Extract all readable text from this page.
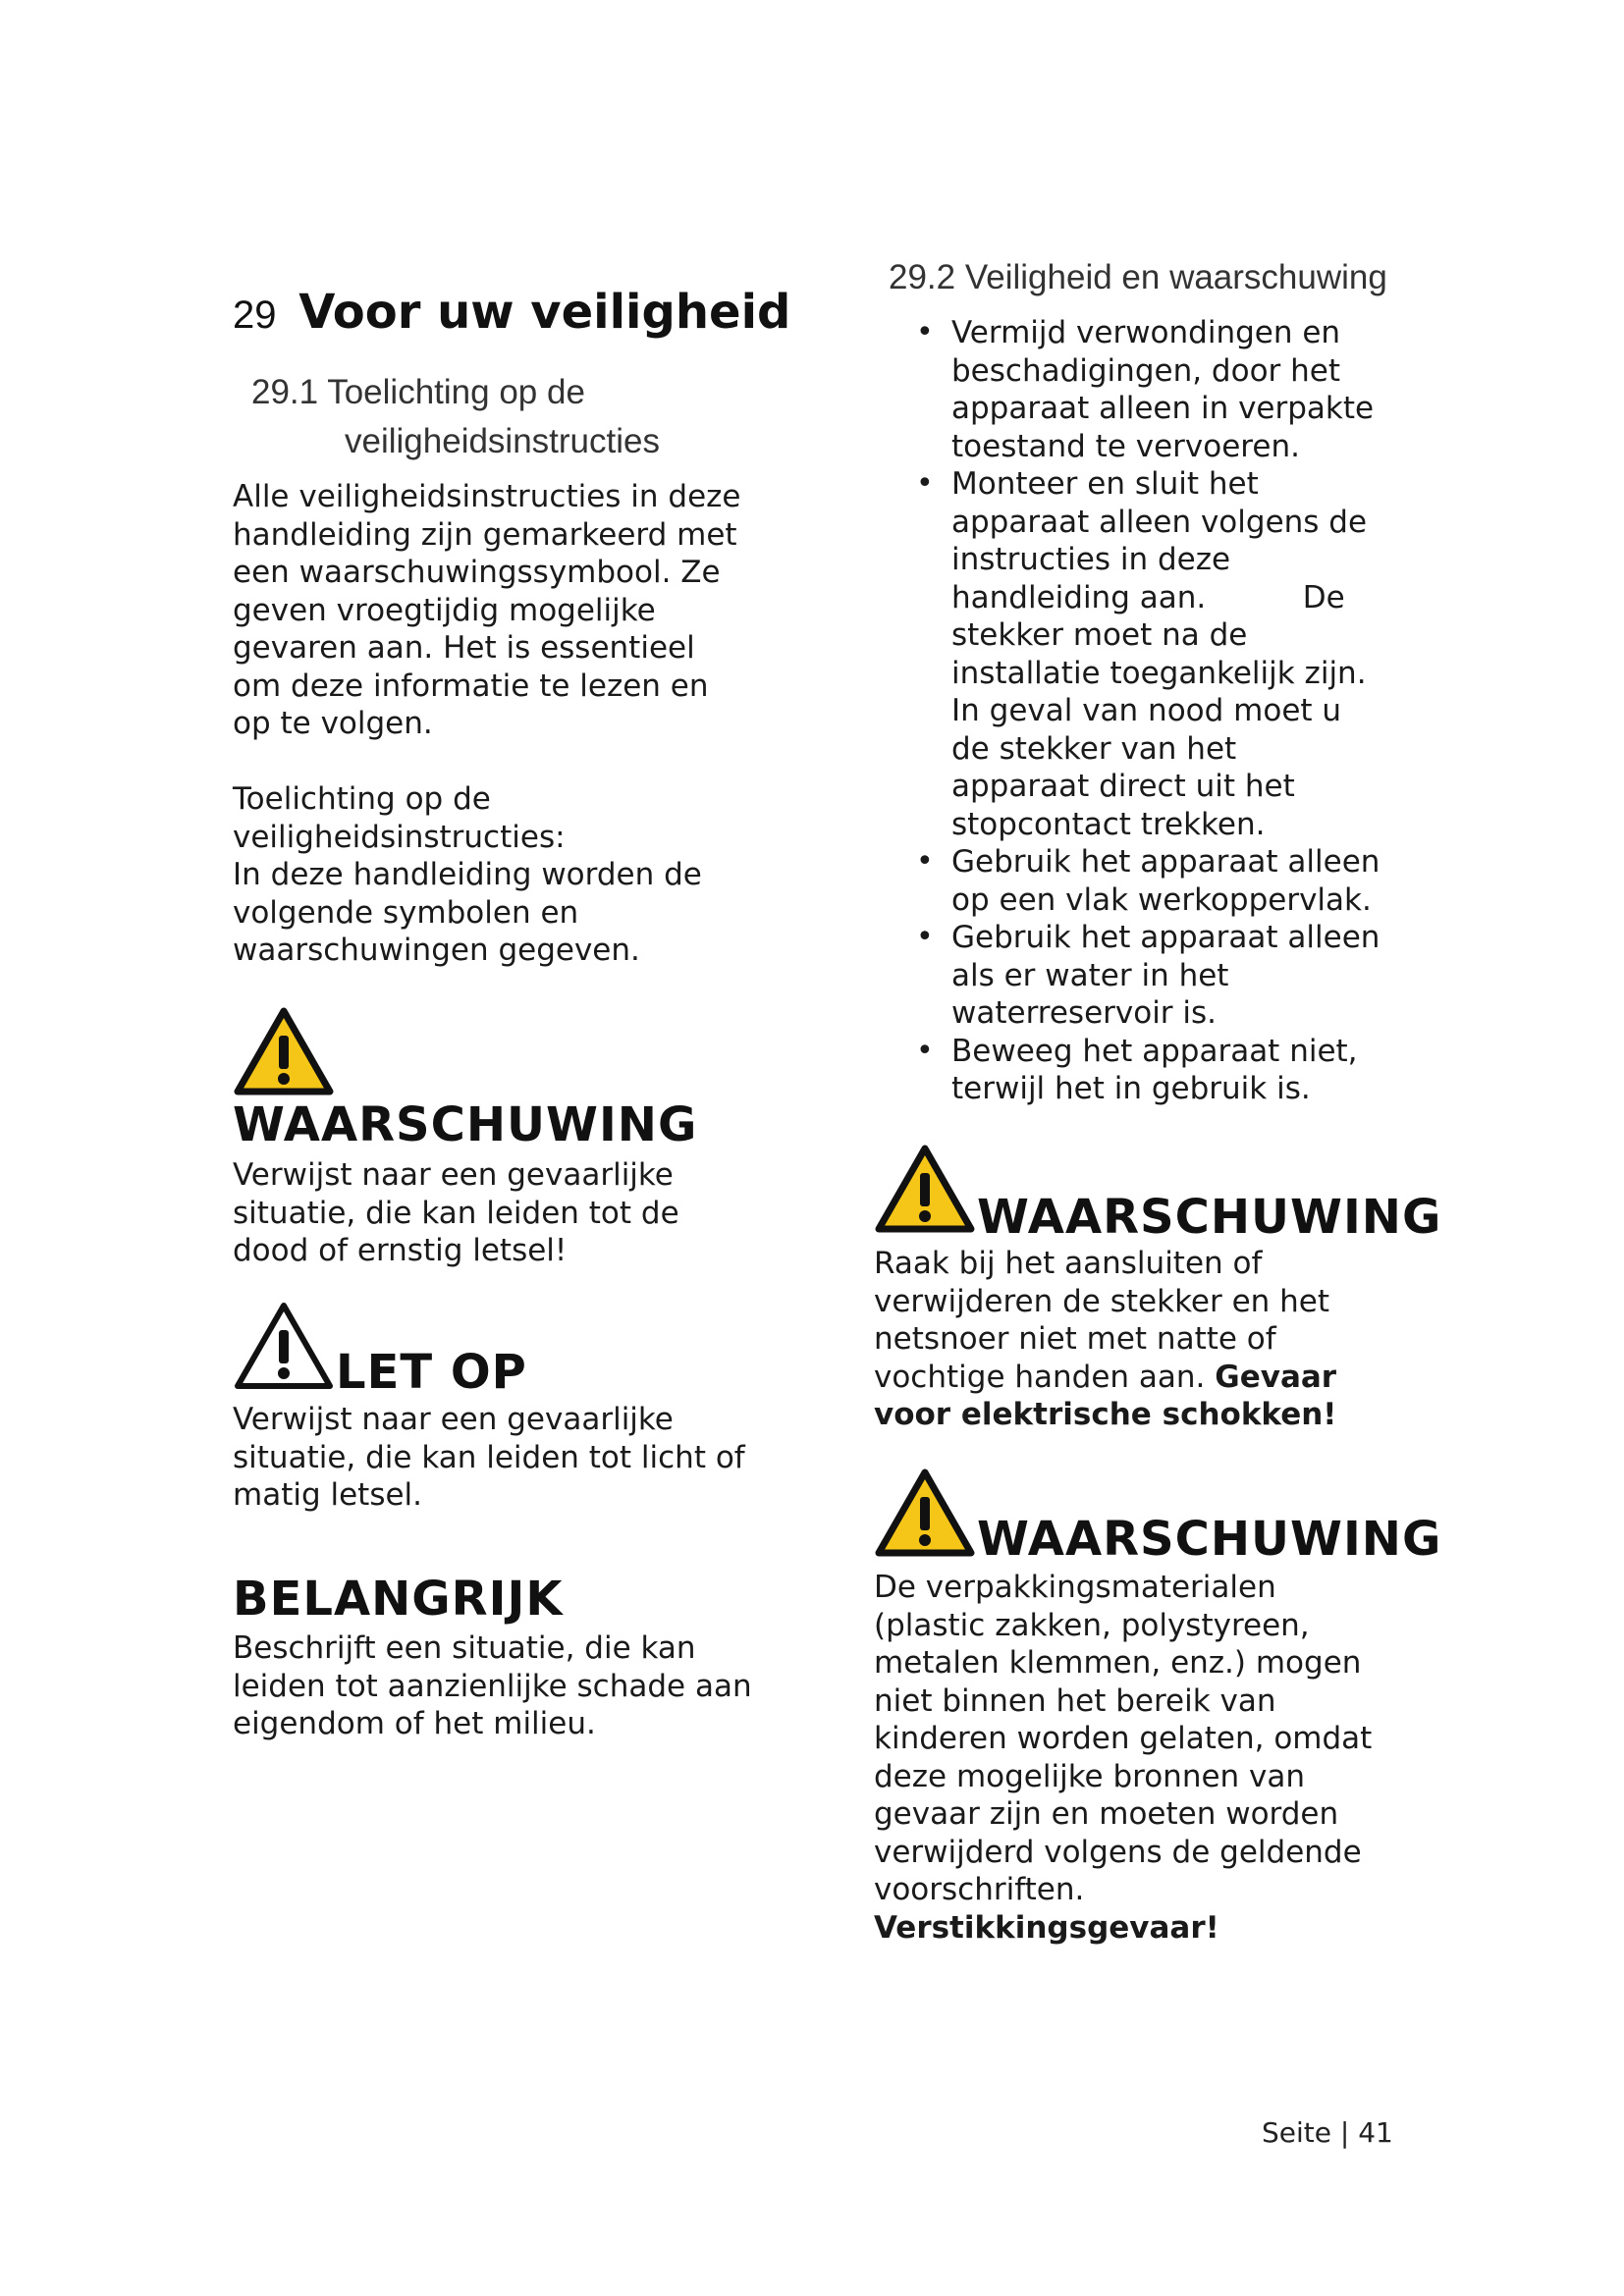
29 Voor uw veiligheid
29.1 Toelichting op de
veiligheidsinstructies

Alle veiligheidsinstructies in deze

handleiding zijn gemarkeerd met

een waarschuwingssymbool. Ze

geven vroegtijdig mogelijke

gevaren aan. Het is essentieel

om deze informatie te lezen en

op te volgen.

Toelichting op de

veiligheidsinstructies:

In deze handleiding worden de

volgende symbolen en

waarschuwingen gegeven.

WAARSCHUWING

Verwijst naar een gevaarlijke

situatie, die kan leiden tot de

dood of ernstig letsel!

LET OP

Verwijst naar een gevaarlijke

situatie, die kan leiden tot licht of

matig letsel.

BELANGRIJK

Beschrijft een situatie, die kan

leiden tot aanzienlijke schade aan

eigendom of het milieu.

29.2 Veiligheid en waarschuwing
• Vermijd verwondingen en
beschadigingen, door het
apparaat alleen in verpakte
toestand te vervoeren.
• Monteer en sluit het
apparaat alleen volgens de
instructies in deze
handleiding aan.          De
stekker moet na de
installatie toegankelijk zijn.
In geval van nood moet u
de stekker van het
apparaat direct uit het
stopcontact trekken.
• Gebruik het apparaat alleen
op een vlak werkoppervlak.
• Gebruik het apparaat alleen
als er water in het
waterreservoir is.
• Beweeg het apparaat niet,
terwijl het in gebruik is.
WAARSCHUWING

Raak bij het aansluiten of

verwijderen de stekker en het

netsnoer niet met natte of

vochtige handen aan. Gevaar

voor elektrische schokken!

WAARSCHUWING

De verpakkingsmaterialen

(plastic zakken, polystyreen,

metalen klemmen, enz.) mogen

niet binnen het bereik van

kinderen worden gelaten, omdat

deze mogelijke bronnen van

gevaar zijn en moeten worden

verwijderd volgens de geldende

voorschriften.

Verstikkingsgevaar!

Seite | 41
